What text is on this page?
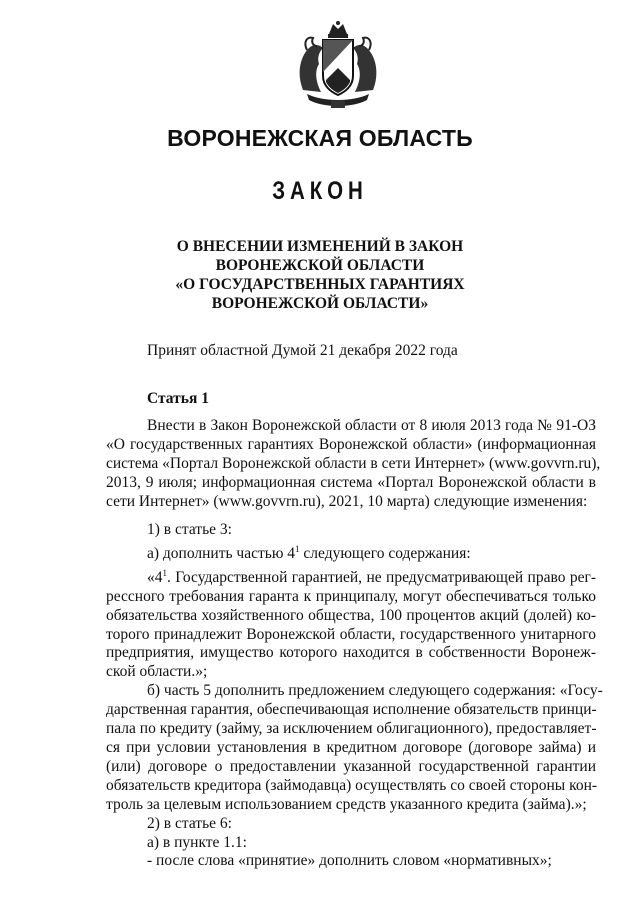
ВОРОНЕЖСКАЯ ОБЛАСТЬ
ЗАКОН
О ВНЕСЕНИИ ИЗМЕНЕНИЙ В ЗАКОН
ВОРОНЕЖСКОЙ ОБЛАСТИ
«О ГОСУДАРСТВЕННЫХ ГАРАНТИЯХ
ВОРОНЕЖСКОЙ ОБЛАСТИ»
Принят областной Думой 21 декабря 2022 года
Статья 1
Внести в Закон Воронежской области от 8 июля 2013 года № 91-ОЗ
«О государственных гарантиях Воронежской области» (информационная
система «Портал Воронежской области в сети Интернет» (www.govvrn.ru),
2013, 9 июля; информационная система «Портал Воронежской области в
сети Интернет» (www.govvrn.ru), 2021, 10 марта) следующие изменения:
1) в статье 3:
а) дополнить частью $4^1$ следующего содержания:
«$4^1$. Государственной гарантией, не предусматривающей право рег-
рессного требования гаранта к принципалу, могут обеспечиваться только
обязательства хозяйственного общества, 100 процентов акций (долей) ко-
торого принадлежит Воронежской области, государственного унитарного
предприятия, имущество которого находится в собственности Воронеж-
ской области.»;
б) часть 5 дополнить предложением следующего содержания: «Госу-
дарственная гарантия, обеспечивающая исполнение обязательств принци-
пала по кредиту (займу, за исключением облигационного), предоставляет-
ся при условии установления в кредитном договоре (договоре займа) и
(или) договоре о предоставлении указанной государственной гарантии
обязательств кредитора (займодавца) осуществлять со своей стороны кон-
троль за целевым использованием средств указанного кредита (займа).»;
2) в статье 6:
а) в пункте 1.1:
- после слова «принятие» дополнить словом «нормативных»;
